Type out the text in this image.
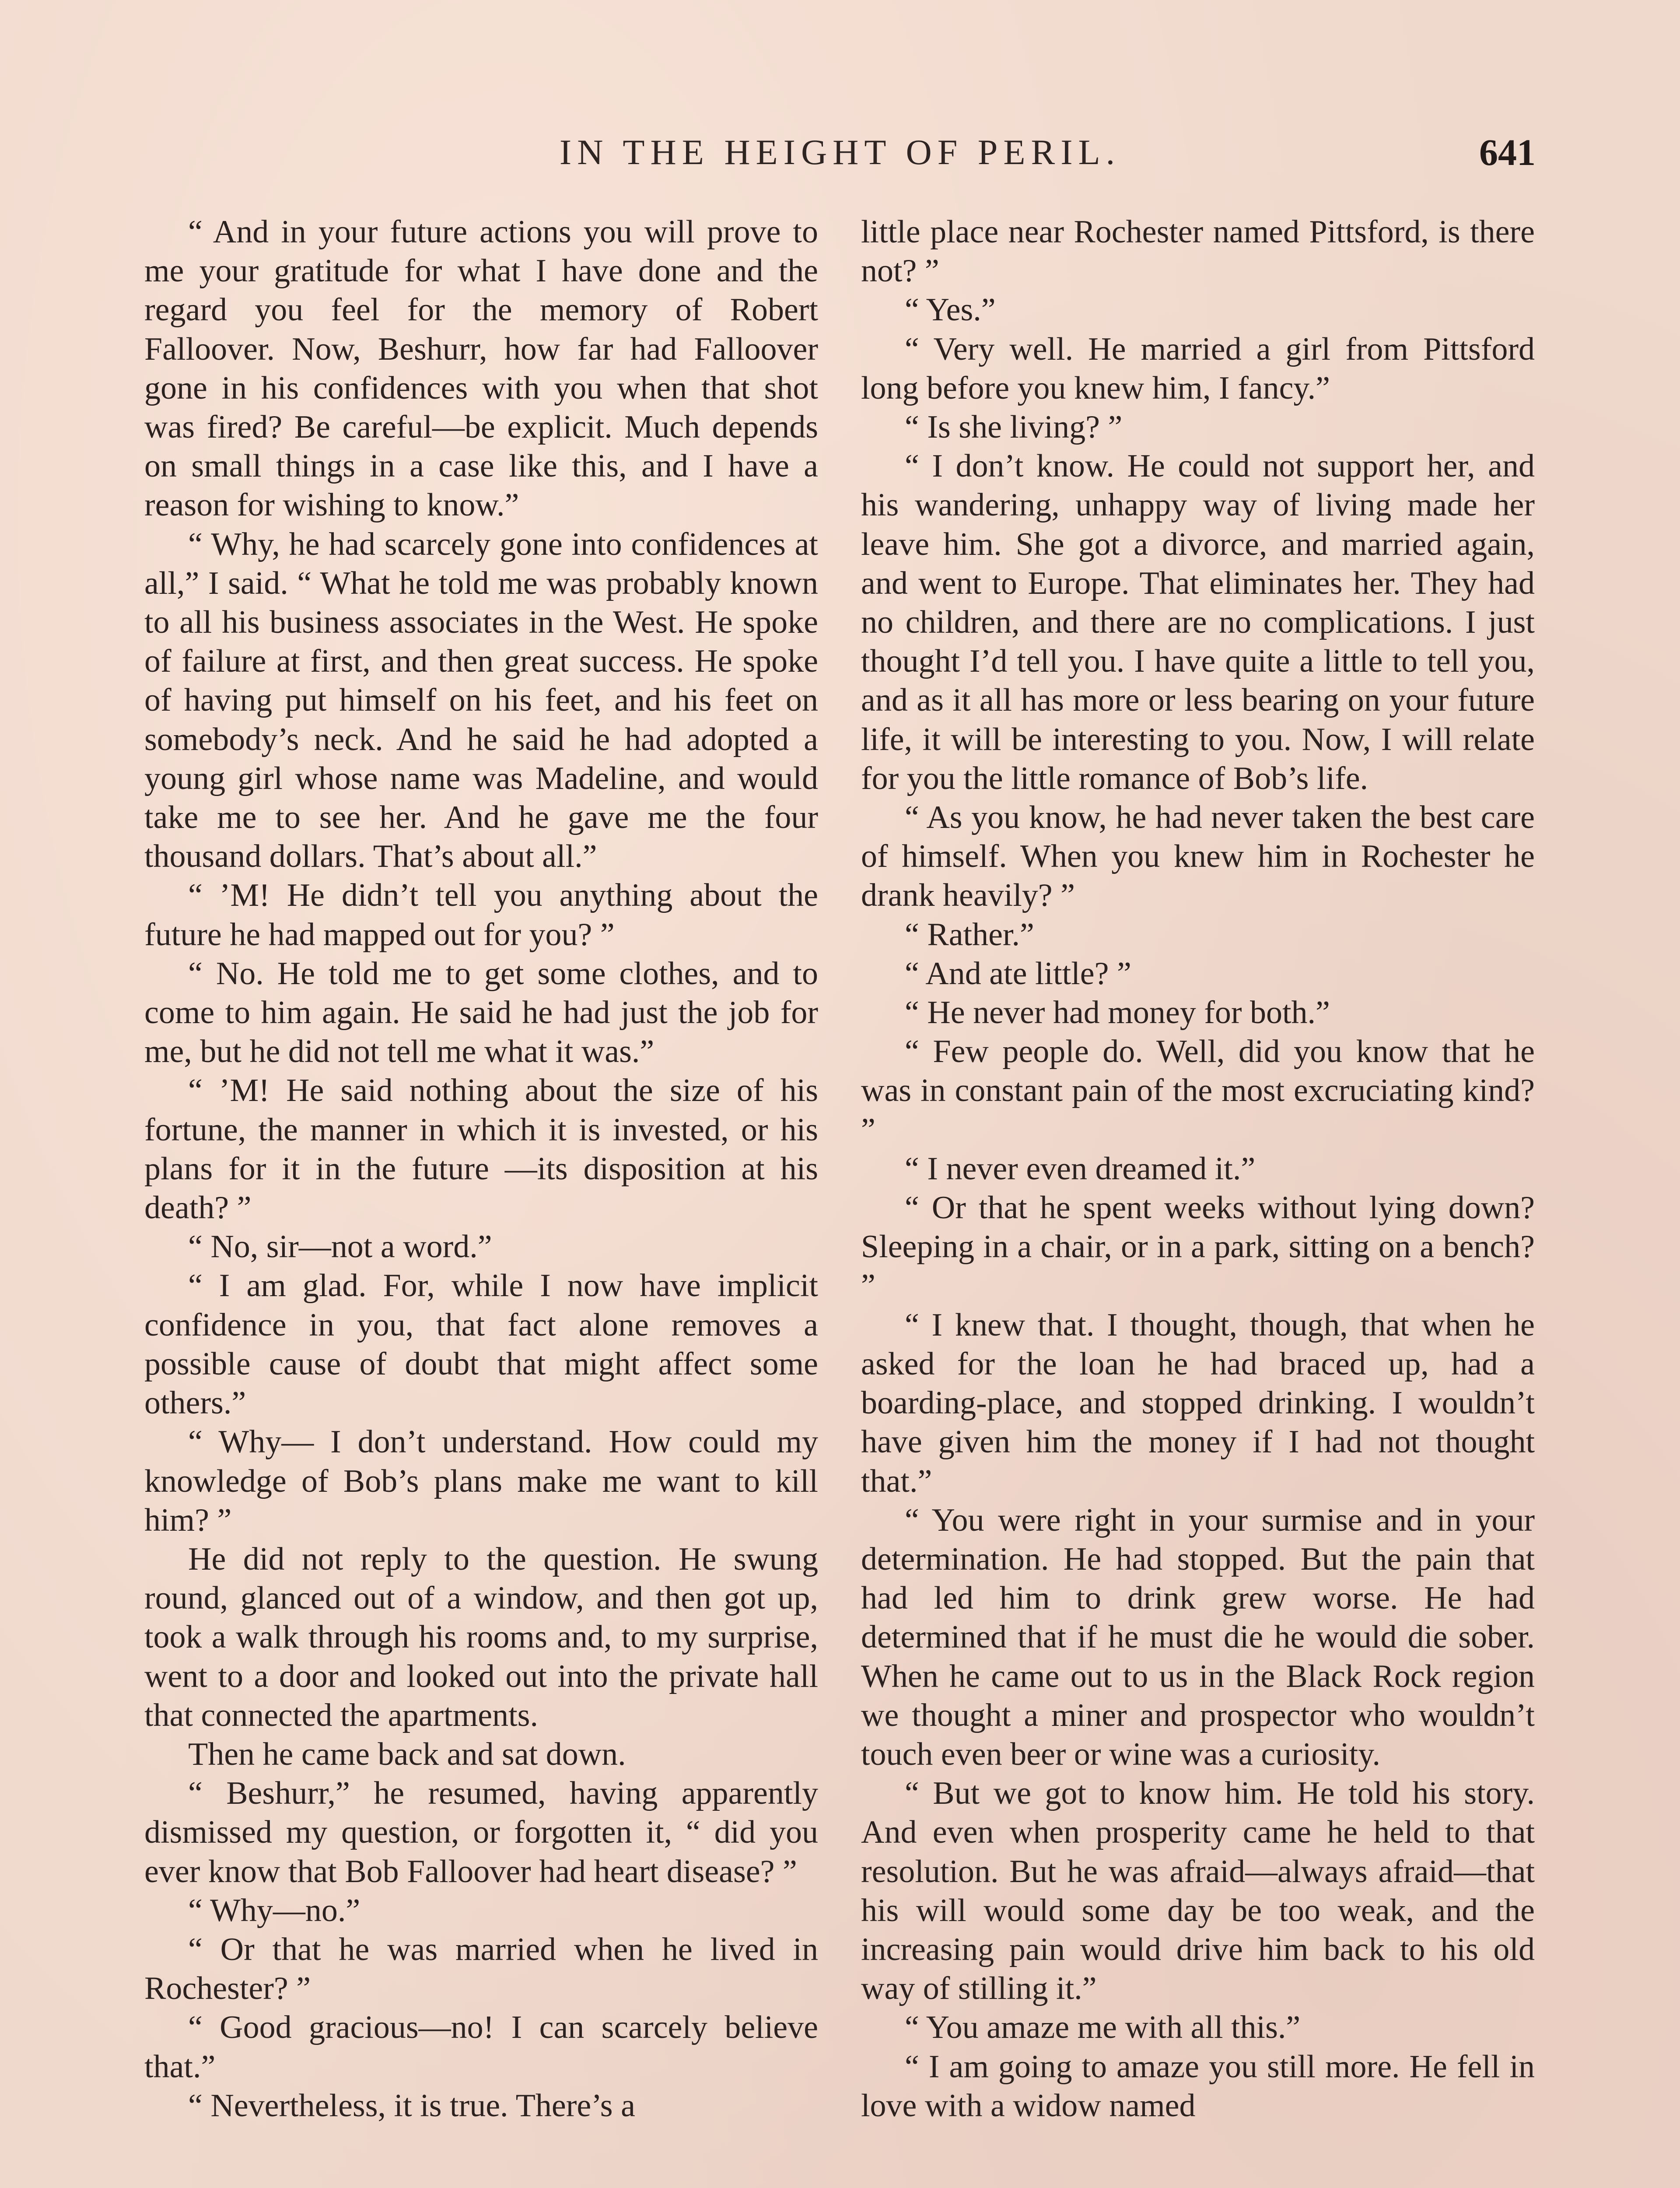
IN THE HEIGHT OF PERIL.	641

“ And in your future actions you will prove to me your gratitude for what I have done and the regard you feel for the memory of Robert Falloover. Now, Beshurr, how far had Falloover gone in his confidences with you when that shot was fired? Be careful—be explicit. Much depends on small things in a case like this, and I have a reason for wishing to know.”

“ Why, he had scarcely gone into confidences at all,” I said. “ What he told me was probably known to all his business associates in the West. He spoke of failure at first, and then great success. He spoke of having put himself on his feet, and his feet on somebody’s neck. And he said he had adopted a young girl whose name was Madeline, and would take me to see her. And he gave me the four thousand dollars. That’s about all.”

“ ’M! He didn’t tell you anything about the future he had mapped out for you? ”

“ No. He told me to get some clothes, and to come to him again. He said he had just the job for me, but he did not tell me what it was.”

“ ’M! He said nothing about the size of his fortune, the manner in which it is invested, or his plans for it in the future —its disposition at his death? ”

“ No, sir—not a word.”

“ I am glad. For, while I now have implicit confidence in you, that fact alone removes a possible cause of doubt that might affect some others.”

“ Why— I don’t understand. How could my knowledge of Bob’s plans make me want to kill him? ”

He did not reply to the question. He swung round, glanced out of a window, and then got up, took a walk through his rooms and, to my surprise, went to a door and looked out into the private hall that connected the apartments.

Then he came back and sat down.

“ Beshurr,” he resumed, having apparently dismissed my question, or forgotten it, “ did you ever know that Bob Falloover had heart disease? ”

“ Why—no.”

“ Or that he was married when he lived in Rochester? ”

“ Good gracious—no! I can scarcely believe that.”

“ Nevertheless, it is true. There’s a

little place near Rochester named Pittsford, is there not? ”

“ Yes.”

“ Very well. He married a girl from Pittsford long before you knew him, I fancy.”

“ Is she living? ”

“ I don’t know. He could not support her, and his wandering, unhappy way of living made her leave him. She got a divorce, and married again, and went to Europe. That eliminates her. They had no children, and there are no complications. I just thought I’d tell you. I have quite a little to tell you, and as it all has more or less bearing on your future life, it will be interesting to you. Now, I will relate for you the little romance of Bob’s life.

“ As you know, he had never taken the best care of himself. When you knew him in Rochester he drank heavily? ”

“ Rather.”

“ And ate little? ”

“ He never had money for both.”

“ Few people do. Well, did you know that he was in constant pain of the most excruciating kind? ”

“ I never even dreamed it.”

“ Or that he spent weeks without lying down? Sleeping in a chair, or in a park, sitting on a bench? ”

“ I knew that. I thought, though, that when he asked for the loan he had braced up, had a boarding-place, and stopped drinking. I wouldn’t have given him the money if I had not thought that.”

“ You were right in your surmise and in your determination. He had stopped. But the pain that had led him to drink grew worse. He had determined that if he must die he would die sober. When he came out to us in the Black Rock region we thought a miner and prospector who wouldn’t touch even beer or wine was a curiosity.

“ But we got to know him. He told his story. And even when prosperity came he held to that resolution. But he was afraid—always afraid—that his will would some day be too weak, and the increasing pain would drive him back to his old way of stilling it.”

“ You amaze me with all this.”

“ I am going to amaze you still more. He fell in love with a widow named
